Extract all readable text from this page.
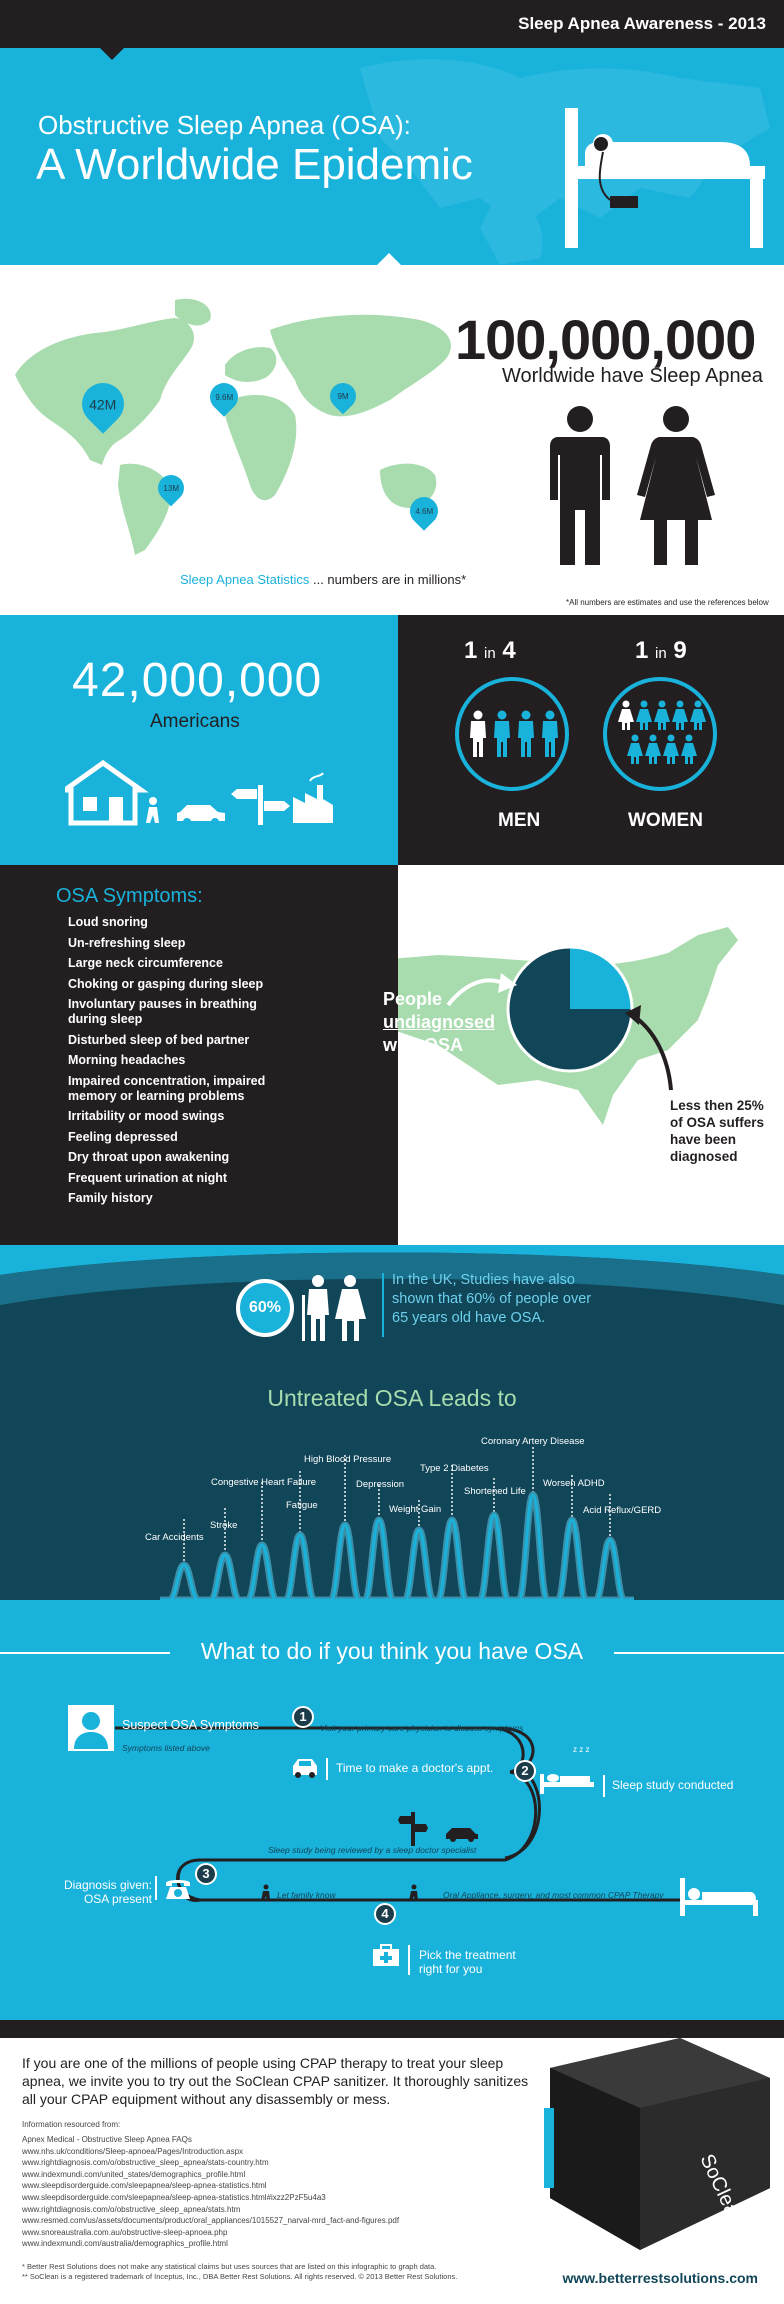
Sleep Apnea Awareness - 2013
Obstructive Sleep Apnea (OSA):
A Worldwide Epidemic
42M	9.6M	9M
13M
4.6M
100,000,000
Worldwide have Sleep Apnea
Sleep Apnea Statistics ... numbers are in millions*
*All numbers are estimates and use the references below
42,000,000
Americans
1 in 4	1 in 9
MEN	WOMEN
OSA Symptoms:
Loud snoring
Un-refreshing sleep
Large neck circumference
Choking or gasping during sleep
Involuntary pauses in breathing during sleep
Disturbed sleep of bed partner
Morning headaches
Impaired concentration, impaired memory or learning problems
Irritability or mood swings
Feeling depressed
Dry throat upon awakening
Frequent urination at night
Family history
People
undiagnosed
with OSA
Less then 25%
of OSA suffers
have been
diagnosed
60%
In the UK, Studies have also
shown that 60% of people over
65 years old have OSA.
Untreated OSA Leads to
Car Accidents
Stroke
Congestive Heart Failure
Fatigue
High Blood Pressure
Depression
Weight Gain
Type 2 Diabetes
Shortened Life
Coronary Artery Disease
Worsen ADHD
Acid Reflux/GERD
What to do if you think you have OSA
Suspect OSA Symptoms
Symptoms listed above
1
Visit your primary care physician to discuss symptoms
Time to make a doctor's appt.	2
z z z
Sleep study conducted
Sleep study being reviewed by a sleep doctor specialist
3
Diagnosis given:
OSA present	Let family know
4
Oral Appliance, surgery, and most common CPAP Therapy
Pick the treatment
right for you
If you are one of the millions of people using CPAP therapy to treat your sleep apnea, we invite you to try out the SoClean CPAP sanitizer. It thoroughly sanitizes all your CPAP equipment without any disassembly or mess.
Information resourced from:
Apnex Medical - Obstructive Sleep Apnea FAQs
www.nhs.uk/conditions/Sleep-apnoea/Pages/Introduction.aspx
www.rightdiagnosis.com/o/obstructive_sleep_apnea/stats-country.htm
www.indexmundi.com/united_states/demographics_profile.html
www.sleepdisorderguide.com/sleepapnea/sleep-apnea-statistics.html
www.sleepdisorderguide.com/sleepapnea/sleep-apnea-statistics.html#ixzz2PzF5u4a3
www.rightdiagnosis.com/o/obstructive_sleep_apnea/stats.htm
www.resmed.com/us/assets/documents/product/oral_appliances/1015527_narval-mrd_fact-and-figures.pdf
www.snoreaustralia.com.au/obstructive-sleep-apnoea.php
www.indexmundi.com/australia/demographics_profile.html
SoClean
* Better Rest Solutions does not make any statistical claims but uses sources that are listed on this infographic to graph data.
** SoClean is a registered trademark of Inceptus, Inc., DBA Better Rest Solutions. All rights reserved. © 2013 Better Rest Solutions.	www.betterrestsolutions.com
